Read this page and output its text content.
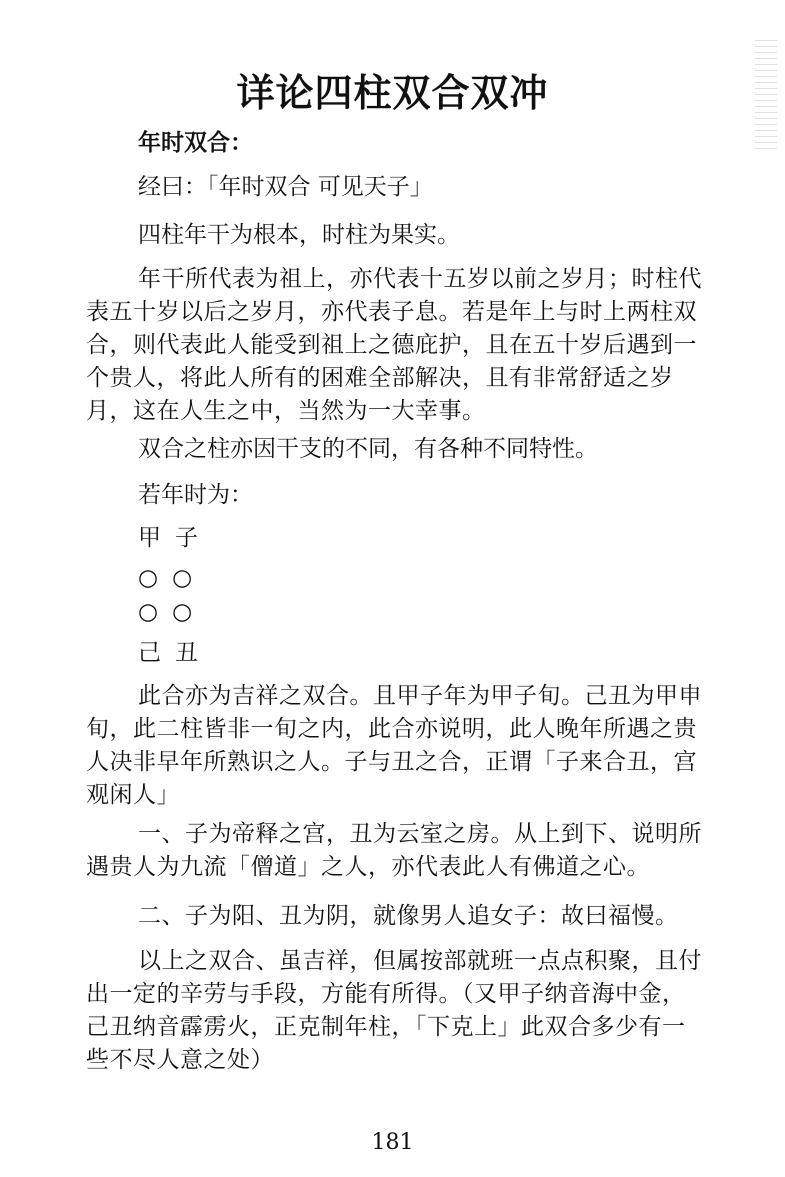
详论四柱双合双冲

年时双合：

经曰：「年时双合 可见天子」

四柱年干为根本，时柱为果实。

年干所代表为祖上，亦代表十五岁以前之岁月；时柱代表五十岁以后之岁月，亦代表子息。若是年上与时上两柱双合，则代表此人能受到祖上之德庇护，且在五十岁后遇到一个贵人，将此人所有的困难全部解决，且有非常舒适之岁月，这在人生之中，当然为一大幸事。

双合之柱亦因干支的不同，有各种不同特性。

若年时为：

甲子

○○

○○

己丑

此合亦为吉祥之双合。且甲子年为甲子旬。己丑为甲申旬，此二柱皆非一旬之内，此合亦说明，此人晚年所遇之贵人决非早年所熟识之人。子与丑之合，正谓「子来合丑，宫观闲人」

一、子为帝释之宫，丑为云室之房。从上到下、说明所遇贵人为九流「僧道」之人，亦代表此人有佛道之心。

二、子为阳、丑为阴，就像男人追女子：故曰福慢。

以上之双合、虽吉祥，但属按部就班一点点积聚，且付出一定的辛劳与手段，方能有所得。（又甲子纳音海中金，己丑纳音霹雳火，正克制年柱，「下克上」此双合多少有一些不尽人意之处）

181
